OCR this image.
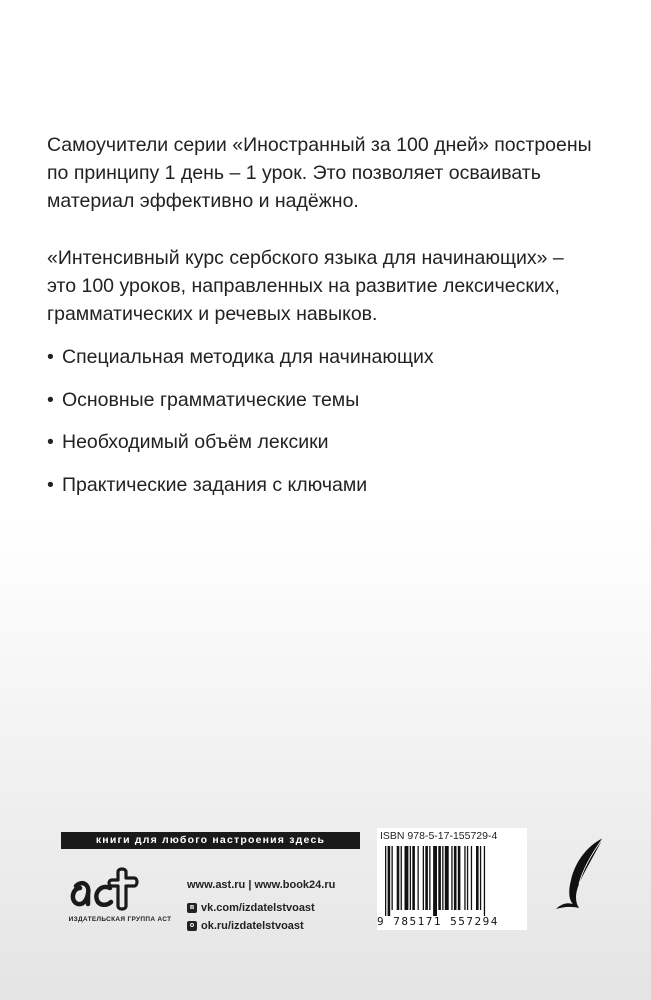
Самоучители серии «Иностранный за 100 дней» построены

по принципу 1 день – 1 урок. Это позволяет осваивать

материал эффективно и надёжно.

«Интенсивный курс сербского языка для начинающих» –

это 100 уроков, направленных на развитие лексических,

грамматических и речевых навыков.

• Специальная методика для начинающих
• Основные грамматические темы
• Необходимый объём лексики
• Практические задания с ключами
книги для любого настроения здесь
ИЗДАТЕЛЬСКАЯ ГРУППА АСТ
www.ast.ru | www.book24.ru
в vk.com/izdatelstvoast
о ok.ru/izdatelstvoast
ISBN 978-5-17-155729-4
9 785171 557294
